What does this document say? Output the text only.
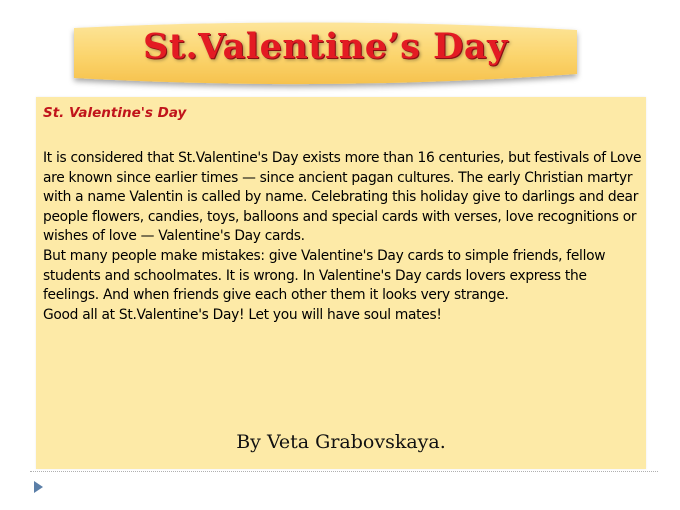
St.Valentine’s Day
St. Valentine's Day

It is considered that St.Valentine's Day exists more than 16 centuries, but festivals of Love are known since earlier times — since ancient pagan cultures. The early Christian martyr with a name Valentin is called by name. Celebrating this holiday give to darlings and dear people flowers, candies, toys, balloons and special cards with verses, love recognitions or wishes of love — Valentine's Day cards.

But many people make mistakes: give Valentine's Day cards to simple friends, fellow students and schoolmates. It is wrong. In Valentine's Day cards lovers express the feelings. And when friends give each other them it looks very strange.

Good all at St.Valentine's Day! Let you will have soul mates!

By Veta Grabovskaya.
